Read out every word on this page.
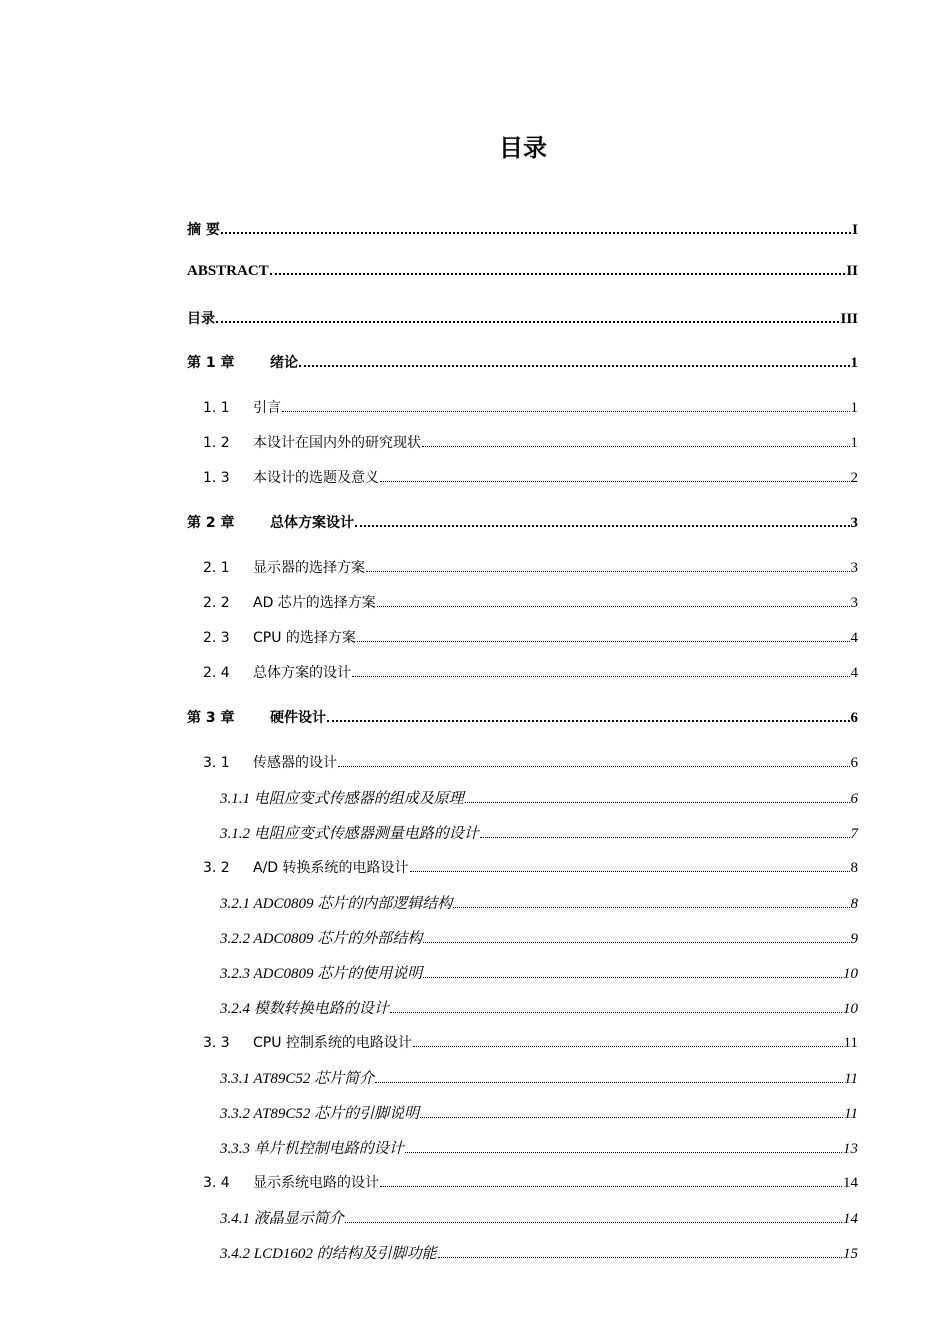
目录
摘 要	I
ABSTRACT	II
目录	III
第 1 章	绪论	1
1. 1	引言	1
1. 2	本设计在国内外的研究现状	1
1. 3	本设计的选题及意义	2
第 2 章	总体方案设计	3
2. 1	显示器的选择方案	3
2. 2	AD 芯片的选择方案	3
2. 3	CPU 的选择方案	4
2. 4	总体方案的设计	4
第 3 章	硬件设计	6
3. 1	传感器的设计	6
3.1.1 电阻应变式传感器的组成及原理	6
3.1.2 电阻应变式传感器测量电路的设计	7
3. 2	A/D 转换系统的电路设计	8
3.2.1 ADC0809 芯片的内部逻辑结构	8
3.2.2 ADC0809 芯片的外部结构	9
3.2.3 ADC0809 芯片的使用说明	10
3.2.4 模数转换电路的设计	10
3. 3	CPU 控制系统的电路设计	11
3.3.1 AT89C52 芯片简介	11
3.3.2 AT89C52 芯片的引脚说明	11
3.3.3 单片机控制电路的设计	13
3. 4	显示系统电路的设计	14
3.4.1 液晶显示简介	14
3.4.2 LCD1602 的结构及引脚功能	15
